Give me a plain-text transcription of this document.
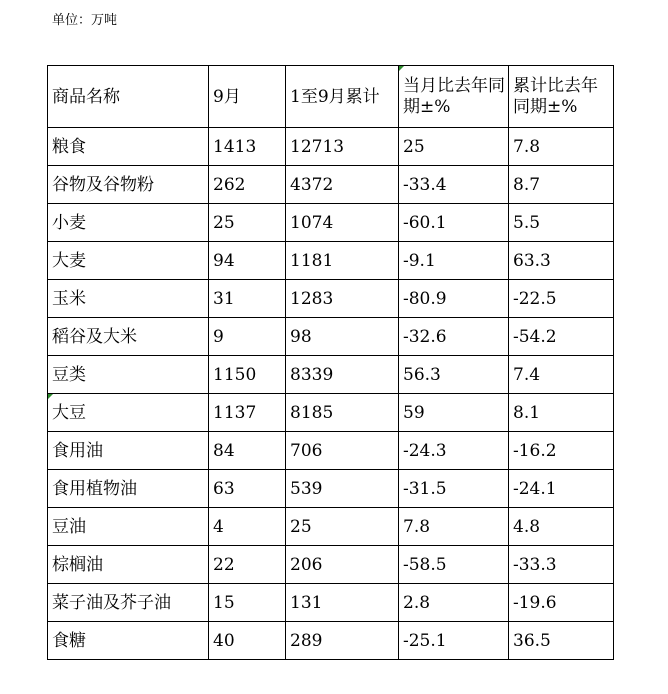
单位：万吨
商品名称	9月	1至9月累计	当月比去年同期±%	累计比去年同期±%
粮食	1413	12713	25	7.8
谷物及谷物粉	262	4372	-33.4	8.7
小麦	25	1074	-60.1	5.5
大麦	94	1181	-9.1	63.3
玉米	31	1283	-80.9	-22.5
稻谷及大米	9	98	-32.6	-54.2
豆类	1150	8339	56.3	7.4

大豆	1137	8185	59	8.1
食用油	84	706	-24.3	-16.2
食用植物油	63	539	-31.5	-24.1
豆油	4	25	7.8	4.8
棕榈油	22	206	-58.5	-33.3
菜子油及芥子油	15	131	2.8	-19.6
食糖	40	289	-25.1	36.5
